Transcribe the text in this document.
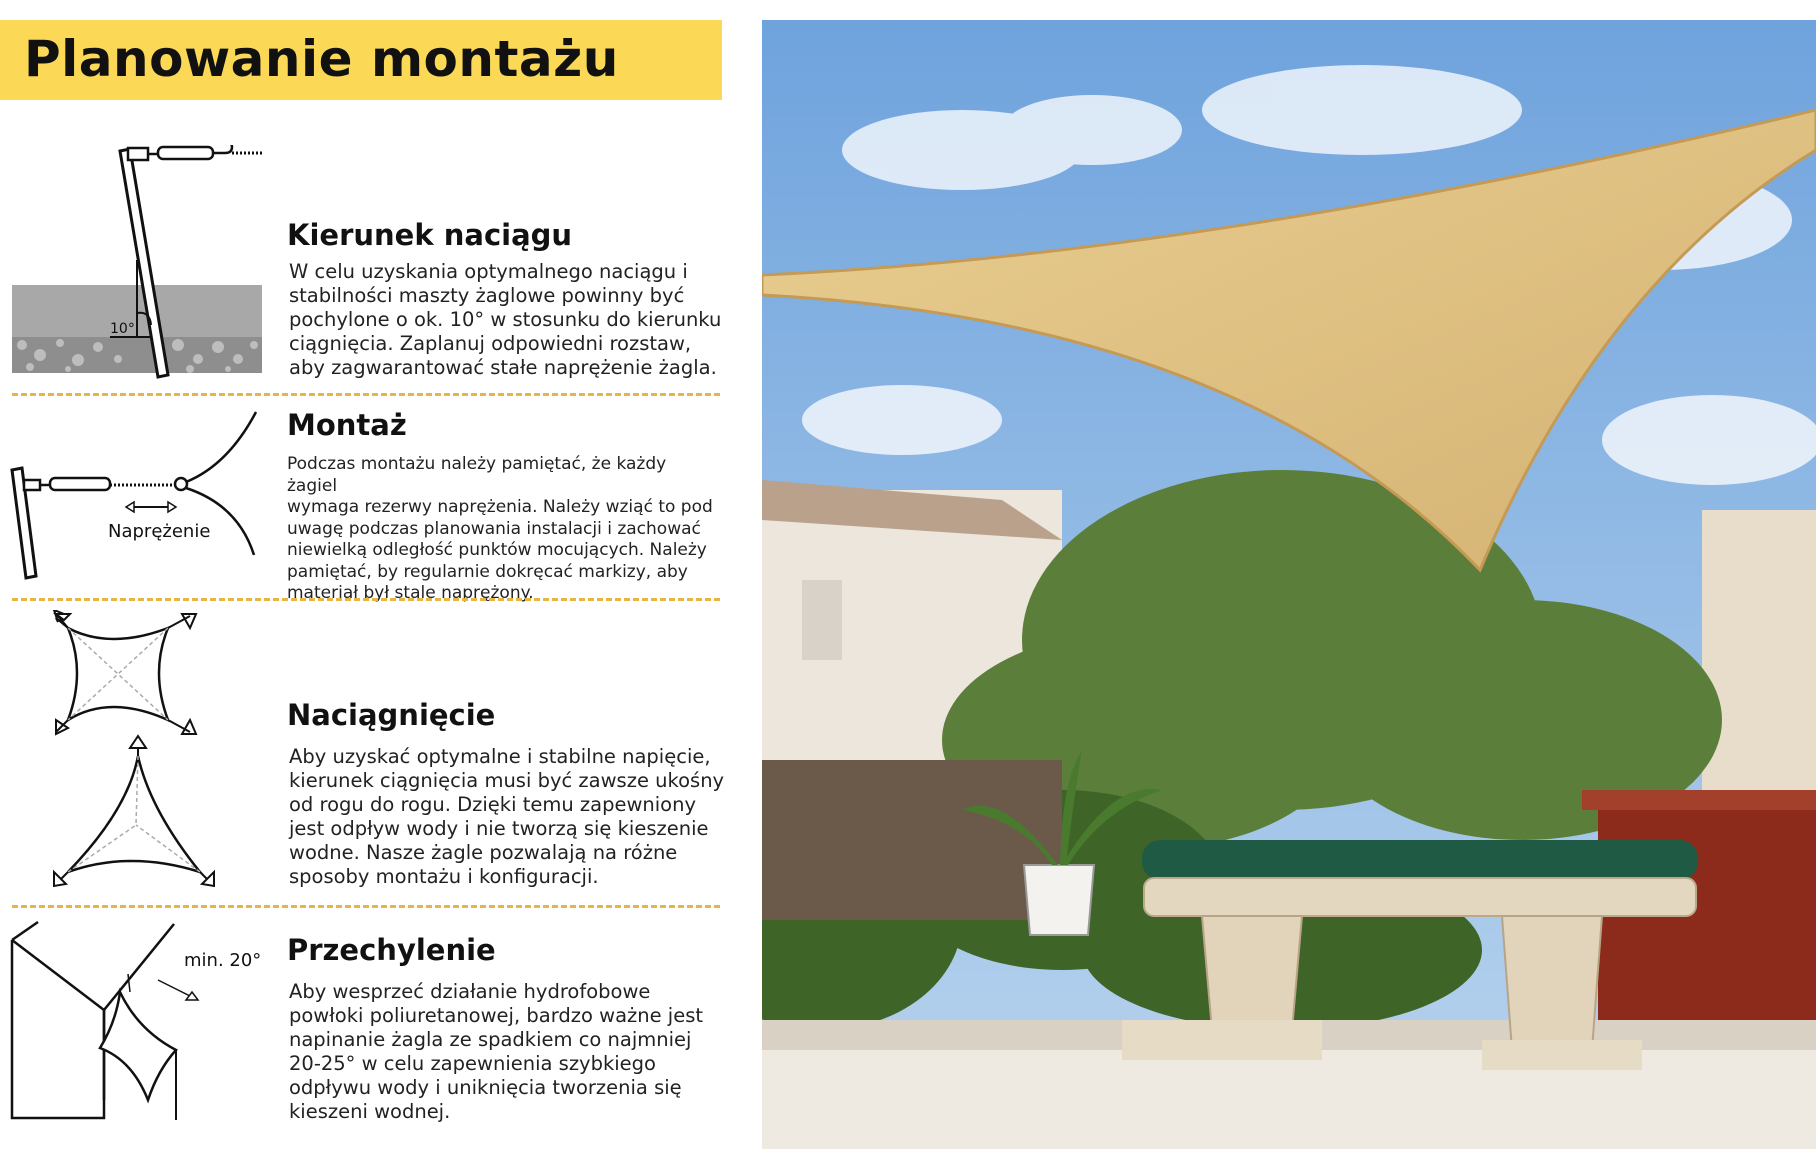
Planowanie montażu
10°
Kierunek naciągu
W celu uzyskania optymalnego naciągu i
stabilności maszty żaglowe powinny być
pochylone o ok. 10° w stosunku do kierunku
ciągnięcia. Zaplanuj odpowiedni rozstaw,
aby zagwarantować stałe naprężenie żagla.
Naprężenie
Montaż
Podczas montażu należy pamiętać, że każdy żagiel
wymaga rezerwy naprężenia. Należy wziąć to pod
uwagę podczas planowania instalacji i zachować
niewielką odległość punktów mocujących. Należy
pamiętać, by regularnie dokręcać markizy, aby
materiał był stale naprężony.
Naciągnięcie
Aby uzyskać optymalne i stabilne napięcie,
kierunek ciągnięcia musi być zawsze ukośny
od rogu do rogu. Dzięki temu zapewniony
jest odpływ wody i nie tworzą się kieszenie
wodne. Nasze żagle pozwalają na różne
sposoby montażu i konfiguracji.
min. 20° Przechylenie
Aby wesprzeć działanie hydrofobowe
powłoki poliuretanowej, bardzo ważne jest
napinanie żagla ze spadkiem co najmniej
20-25° w celu zapewnienia szybkiego
odpływu wody i uniknięcia tworzenia się
kieszeni wodnej.
